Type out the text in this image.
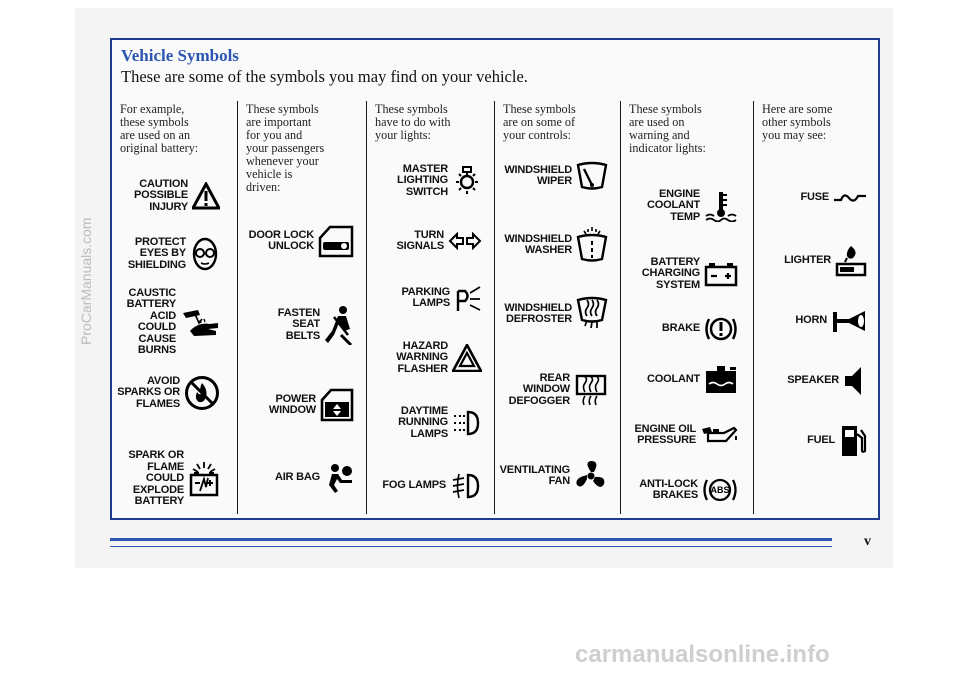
Vehicle Symbols
These are some of the symbols you may find on your vehicle.
For example,
these symbols
are used on an
original battery:
CAUTION
POSSIBLE
INJURY
PROTECT
EYES BY
SHIELDING
CAUSTIC
BATTERY
ACID COULD
CAUSE
BURNS
AVOID
SPARKS OR
FLAMES
SPARK OR
FLAME
COULD
EXPLODE
BATTERY
These symbols
are important
for you and
your passengers
whenever your
vehicle is
driven:
DOOR LOCK
UNLOCK
FASTEN
SEAT
BELTS
POWER
WINDOW
AIR BAG
These symbols
have to do with
your lights:
MASTER
LIGHTING
SWITCH
TURN
SIGNALS
PARKING
LAMPS
HAZARD
WARNING
FLASHER
DAYTIME
RUNNING
LAMPS
FOG LAMPS
These symbols
are on some of
your controls:
WINDSHIELD
WIPER
WINDSHIELD
WASHER
WINDSHIELD
DEFROSTER
REAR
WINDOW
DEFOGGER
VENTILATING
FAN
These symbols
are used on
warning and
indicator lights:
ENGINE
COOLANT
TEMP
BATTERY
CHARGING
SYSTEM
BRAKE
COOLANT
ENGINE OIL
PRESSURE
ANTI-LOCK
BRAKES	ABS
Here are some
other symbols
you may see:
FUSE
LIGHTER
HORN
SPEAKER
FUEL
v
ProCarManuals.com
carmanualsonline.info
